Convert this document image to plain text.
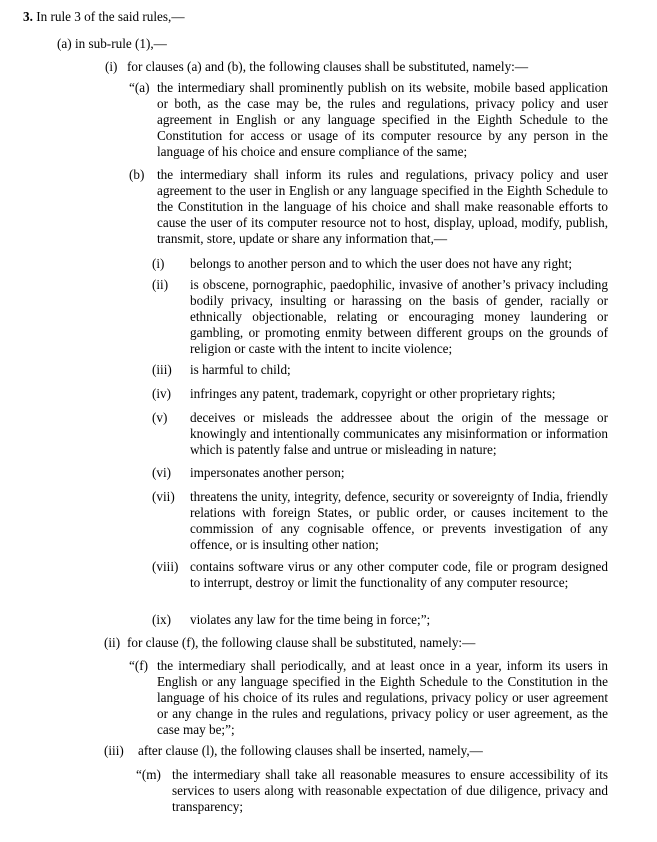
3. In rule 3 of the said rules,—
(a) in sub-rule (1),—
(i) for clauses (a) and (b), the following clauses shall be substituted, namely:—
“(a) the intermediary shall prominently publish on its website, mobile based application or both, as the case may be, the rules and regulations, privacy policy and user agreement in English or any language specified in the Eighth Schedule to the Constitution for access or usage of its computer resource by any person in the language of his choice and ensure compliance of the same;
(b) the intermediary shall inform its rules and regulations, privacy policy and user agreement to the user in English or any language specified in the Eighth Schedule to the Constitution in the language of his choice and shall make reasonable efforts to cause the user of its computer resource not to host, display, upload, modify, publish, transmit, store, update or share any information that,—
(i) belongs to another person and to which the user does not have any right;
(ii) is obscene, pornographic, paedophilic, invasive of another’s privacy including bodily privacy, insulting or harassing on the basis of gender, racially or ethnically objectionable, relating or encouraging money laundering or gambling, or promoting enmity between different groups on the grounds of religion or caste with the intent to incite violence;
(iii) is harmful to child;
(iv) infringes any patent, trademark, copyright or other proprietary rights;
(v) deceives or misleads the addressee about the origin of the message or knowingly and intentionally communicates any misinformation or information which is patently false and untrue or misleading in nature;
(vi) impersonates another person;
(vii) threatens the unity, integrity, defence, security or sovereignty of India, friendly relations with foreign States, or public order, or causes incitement to the commission of any cognisable offence, or prevents investigation of any offence, or is insulting other nation;
(viii) contains software virus or any other computer code, file or program designed to interrupt, destroy or limit the functionality of any computer resource;
(ix) violates any law for the time being in force;”;
(ii) for clause (f), the following clause shall be substituted, namely:—
“(f) the intermediary shall periodically, and at least once in a year, inform its users in English or any language specified in the Eighth Schedule to the Constitution in the language of his choice of its rules and regulations, privacy policy or user agreement or any change in the rules and regulations, privacy policy or user agreement, as the case may be;”;
(iii) after clause (l), the following clauses shall be inserted, namely,—
“(m) the intermediary shall take all reasonable measures to ensure accessibility of its services to users along with reasonable expectation of due diligence, privacy and transparency;
